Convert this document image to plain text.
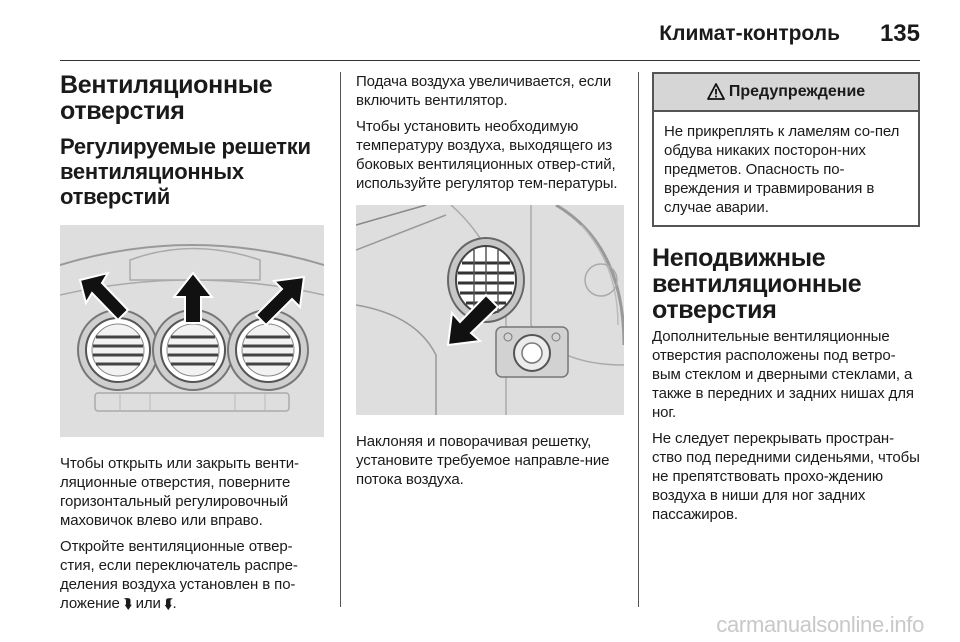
Климат-контроль 135
Вентиляционные отверстия
Регулируемые решетки вентиляционных отверстий

Чтобы открыть или закрыть венти-ляционные отверстия, поверните горизонтальный регулировочный маховичок влево или вправо.

Откройте вентиляционные отвер-стия, если переключатель распре-деления воздуха установлен в по-ложение ⮯ или ⮮.

Подача воздуха увеличивается, если включить вентилятор.

Чтобы установить необходимую температуру воздуха, выходящего из боковых вентиляционных отвер-стий, используйте регулятор тем-пературы.

Наклоняя и поворачивая решетку, установите требуемое направле-ние потока воздуха.

Предупреждение

Не прикреплять к ламелям со-пел обдува никаких посторон-них предметов. Опасность по-вреждения и травмирования в случае аварии.

Неподвижные вентиляционные отверстия

Дополнительные вентиляционные отверстия расположены под ветро-вым стеклом и дверными стеклами, а также в передних и задних нишах для ног.

Не следует перекрывать простран-ство под передними сиденьями, чтобы не препятствовать прохо-ждению воздуха в ниши для ног задних пассажиров.

carmanualsonline.info
